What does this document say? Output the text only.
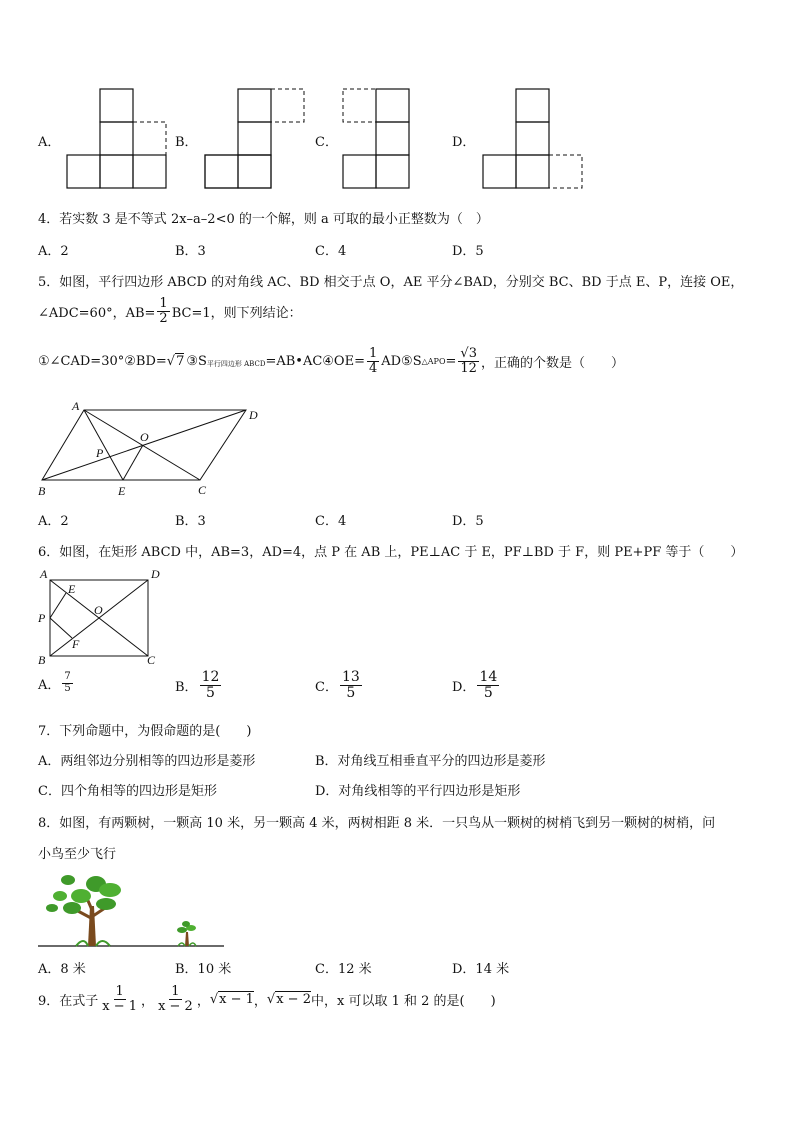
A．	B．	C．	D．
4．若实数 3 是不等式 2x–a–2<0 的一个解，则 a 可取的最小正整数为（　）
A．2	B．3	C．4	D．5
5．如图，平行四边形 ABCD 的对角线 AC、BD 相交于点 O，AE 平分∠BAD，分别交 BC、BD 于点 E、P，连接 OE，
∠ADC=60°，$AB= \frac{1}{2} BC=1$，则下列结论：
①∠CAD=30°②BD= √7 ③S 平行四边形 ABCD =AB•AC④OE= $\frac{1}{4}$ AD⑤S △APO = $\frac{√3}{12}$ ，正确的个数是（　　）
A
D
O
P
B	E	C
A．2	B．3	C．4	D．5
6．如图，在矩形 ABCD 中，AB=3，AD=4，点 P 在 AB 上，PE⊥AC 于 E，PF⊥BD 于 F，则 PE+PF 等于（　　）
A	D
E
O
P
F
B	C
A． $\frac{7}{5}$	B． $\frac{12}{5}$	C． $\frac{13}{5}$	D． $\frac{14}{5}$
7．下列命题中，为假命题的是(　　)
A．两组邻边分别相等的四边形是菱形	B．对角线互相垂直平分的四边形是菱形
C．四个角相等的四边形是矩形	D．对角线相等的平行四边形是矩形
8．如图，有两颗树，一颗高 10 米，另一颗高 4 米，两树相距 8 米．一只鸟从一颗树的树梢飞到另一颗树的树梢，问
小鸟至少飞行
A．8 米	B．10 米	C．12 米	D．14 米
9．在式子 $\frac{1}{x - 1}$ ， $\frac{1}{x - 2}$ ， √x − 1 ， √x − 2 中，x 可以取 1 和 2 的是(　　)
